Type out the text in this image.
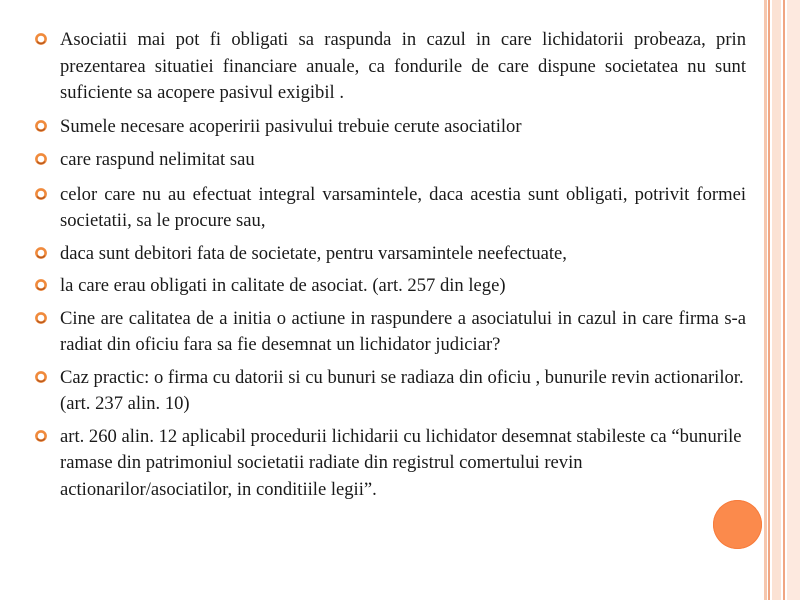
Asociatii mai pot fi obligati sa raspunda in cazul in care lichidatorii probeaza, prin prezentarea situatiei financiare anuale, ca fondurile de care dispune societatea nu sunt suficiente sa acopere pasivul exigibil .
Sumele necesare acoperirii pasivului trebuie cerute asociatilor
care raspund nelimitat sau
celor care nu au efectuat integral varsamintele, daca acestia sunt obligati, potrivit formei societatii, sa le procure sau,
daca sunt debitori fata de societate, pentru varsamintele neefectuate,
la care erau obligati in calitate de asociat. (art. 257 din lege)
Cine are calitatea de a initia o actiune in raspundere a asociatului in cazul in care firma s-a radiat din oficiu fara sa fie desemnat un lichidator judiciar?
Caz practic: o firma cu datorii si cu bunuri se radiaza din oficiu , bunurile revin actionarilor. (art. 237 alin. 10)
art. 260 alin. 12 aplicabil procedurii lichidarii cu lichidator desemnat stabileste ca “bunurile ramase din patrimoniul societatii radiate din registrul comertului revin actionarilor/asociatilor, in conditiile legii”.
